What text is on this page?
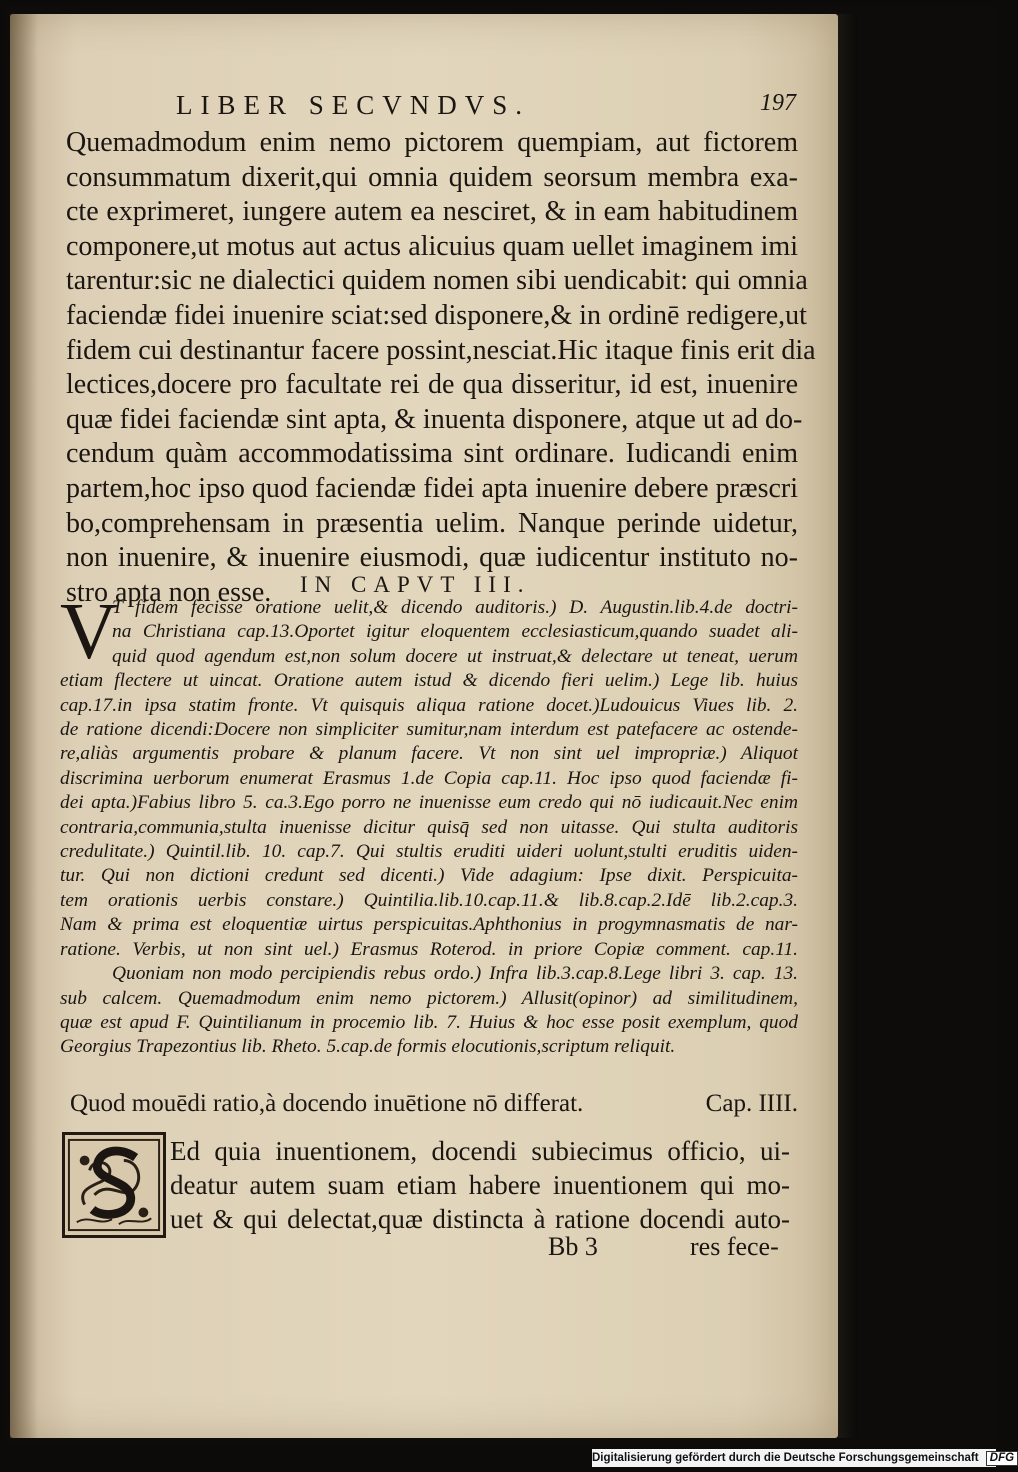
LIBER SECVNDVS.	197
Quemadmodum enim nemo pictorem quempiam, aut fictorem
consummatum dixerit,qui omnia quidem seorsum membra exa-
cte exprimeret, iungere autem ea nesciret, & in eam habitudinem
componere,ut motus aut actus alicuius quam uellet imaginem imi
tarentur:sic ne dialectici quidem nomen sibi uendicabit: qui omnia
faciendæ fidei inuenire sciat:sed disponere,& in ordinē redigere,ut
fidem cui destinantur facere possint,nesciat.Hic itaque finis erit dia
lectices,docere pro facultate rei de qua disseritur, id est, inuenire
quæ fidei faciendæ sint apta, & inuenta disponere, atque ut ad do-
cendum quàm accommodatissima sint ordinare. Iudicandi enim
partem,hoc ipso quod faciendæ fidei apta inuenire debere præscri
bo,comprehensam in præsentia uelim. Nanque perinde uidetur,
non inuenire, & inuenire eiusmodi, quæ iudicentur instituto no-
stro apta non esse.	IN CAPVT III.
V
T fidem fecisse oratione uelit,& dicendo auditoris.) D. Augustin.lib.4.de doctri-
na Christiana cap.13.Oportet igitur eloquentem ecclesiasticum,quando suadet ali-
quid quod agendum est,non solum docere ut instruat,& delectare ut teneat, uerum
etiam flectere ut uincat. Oratione autem istud & dicendo fieri uelim.) Lege lib. huius
cap.17.in ipsa statim fronte. Vt quisquis aliqua ratione docet.)Ludouicus Viues lib. 2.
de ratione dicendi:Docere non simpliciter sumitur,nam interdum est patefacere ac ostende-
re,aliàs argumentis probare & planum facere. Vt non sint uel impropriæ.) Aliquot
discrimina uerborum enumerat Erasmus 1.de Copia cap.11. Hoc ipso quod faciendæ fi-
dei apta.)Fabius libro 5. ca.3.Ego porro ne inuenisse eum credo qui nō iudicauit.Nec enim
contraria,communia,stulta inuenisse dicitur quisq̄ sed non uitasse. Qui stulta auditoris
credulitate.) Quintil.lib. 10. cap.7. Qui stultis eruditi uideri uolunt,stulti eruditis uiden-
tur. Qui non dictioni credunt sed dicenti.) Vide adagium: Ipse dixit. Perspicuita-
tem orationis uerbis constare.) Quintilia.lib.10.cap.11.& lib.8.cap.2.Idē lib.2.cap.3.
Nam & prima est eloquentiæ uirtus perspicuitas.Aphthonius in progymnasmatis de nar-
ratione. Verbis, ut non sint uel.) Erasmus Roterod. in priore Copiæ comment. cap.11.
Quoniam non modo percipiendis rebus ordo.) Infra lib.3.cap.8.Lege libri 3. cap. 13.
sub calcem. Quemadmodum enim nemo pictorem.) Allusit(opinor) ad similitudinem,
quæ est apud F. Quintilianum in procemio lib. 7. Huius & hoc esse posit exemplum, quod
Georgius Trapezontius lib. Rheto. 5.cap.de formis elocutionis,scriptum reliquit.
Quod mouēdi ratio,à docendo inuētione nō differat.	Cap. IIII.
Ed quia inuentionem, docendi subiecimus officio, ui-
deatur autem suam etiam habere inuentionem qui mo-
uet & qui delectat,quæ distincta à ratione docendi auto-
Bb 3	res fece-
Digitalisierung gefördert durch die Deutsche Forschungsgemeinschaft DFG
